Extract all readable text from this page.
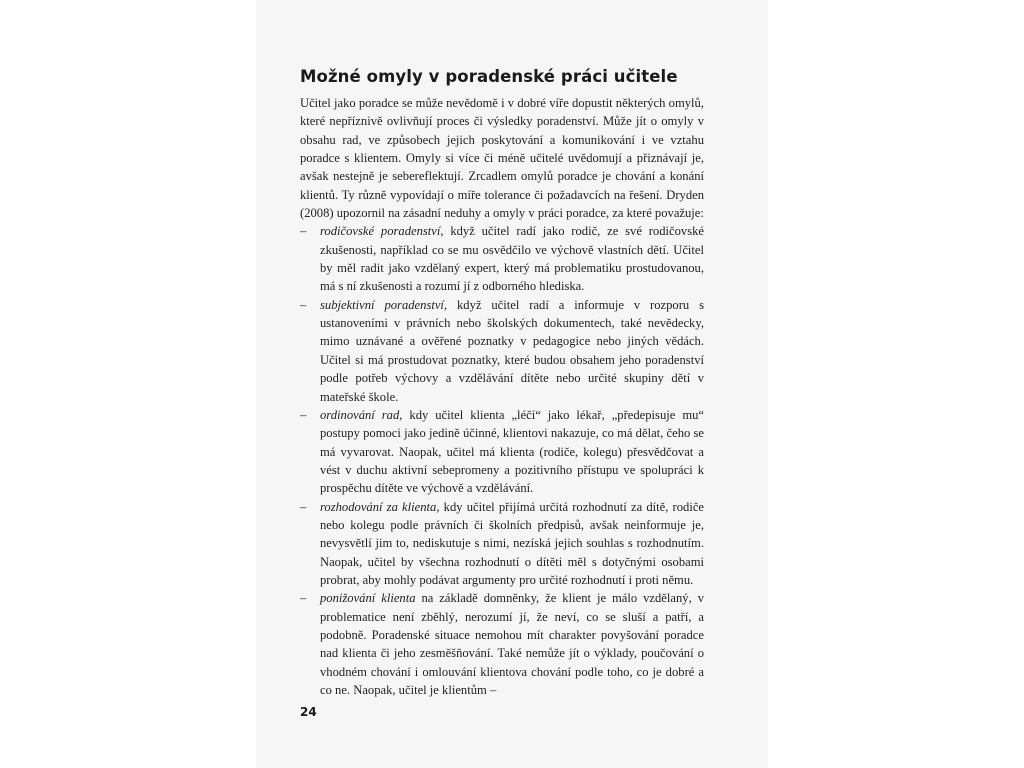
Možné omyly v poradenské práci učitele

Učitel jako poradce se může nevědomě i v dobré víře dopustit některých omylů, které nepříznivě ovlivňují proces či výsledky poradenství. Může jít o omyly v obsahu rad, ve způsobech jejich poskytování a komunikování i ve vztahu poradce s klientem. Omyly si více či méně učitelé uvědomují a přiznávají je, avšak nestejně je sebereflektují. Zrcadlem omylů poradce je chování a konání klientů. Ty různě vypovídají o míře tolerance či požadavcích na řešení. Dryden (2008) upozornil na zásadní neduhy a omyly v práci poradce, za které považuje:

– rodičovské poradenství, když učitel radí jako rodič, ze své rodičovské zkušenosti, například co se mu osvědčilo ve výchově vlastních dětí. Učitel by měl radit jako vzdělaný expert, který má problematiku prostudovanou, má s ní zkušenosti a rozumí jí z odborného hlediska.
– subjektivní poradenství, když učitel radí a informuje v rozporu s ustanoveními v právních nebo školských dokumentech, také nevědecky, mimo uznávané a ověřené poznatky v pedagogice nebo jiných vědách. Učitel si má prostudovat poznatky, které budou obsahem jeho poradenství podle potřeb výchovy a vzdělávání dítěte nebo určité skupiny dětí v mateřské škole.
– ordinování rad, kdy učitel klienta „léčí“ jako lékař, „předepisuje mu“ postupy pomoci jako jedině účinné, klientovi nakazuje, co má dělat, čeho se má vyvarovat. Naopak, učitel má klienta (rodiče, kolegu) přesvědčovat a vést v duchu aktivní sebepromeny a pozitivního přístupu ve spolupráci k prospěchu dítěte ve výchově a vzdělávání.
– rozhodování za klienta, kdy učitel přijímá určitá rozhodnutí za dítě, rodiče nebo kolegu podle právních či školních předpisů, avšak neinformuje je, nevysvětlí jim to, nediskutuje s nimi, nezíská jejich souhlas s rozhodnutím. Naopak, učitel by všechna rozhodnutí o dítěti měl s dotyčnými osobami probrat, aby mohly podávat argumenty pro určité rozhodnutí i proti němu.
– ponižování klienta na základě domněnky, že klient je málo vzdělaný, v problematice není zběhlý, nerozumí jí, že neví, co se sluší a patří, a podobně. Poradenské situace nemohou mít charakter povyšování poradce nad klienta či jeho zesměšňování. Také nemůže jít o výklady, poučování o vhodném chování i omlouvání klientova chování podle toho, co je dobré a co ne. Naopak, učitel je klientům –
24
